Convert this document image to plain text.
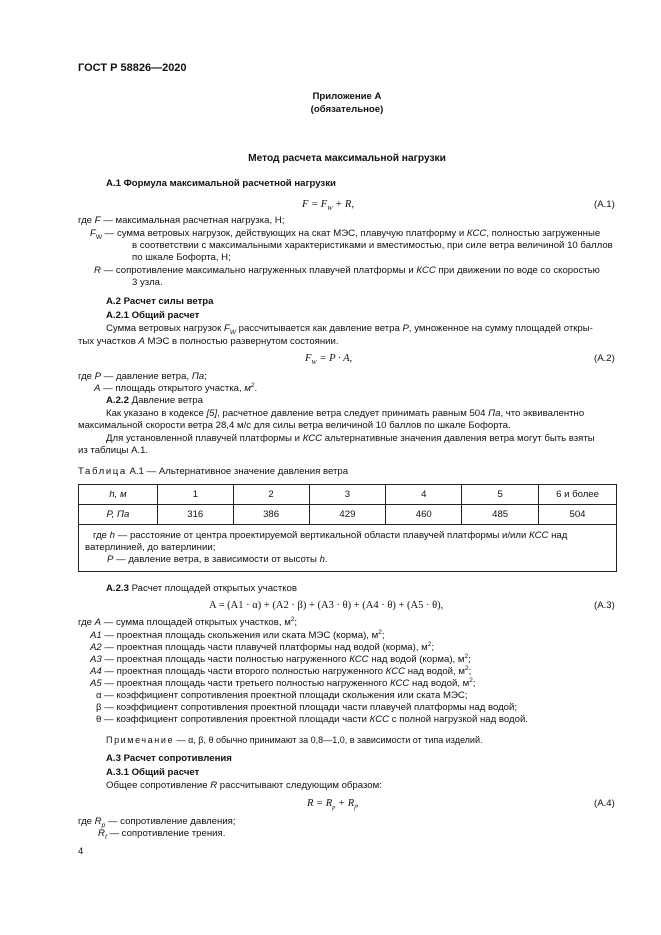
ГОСТ Р 58826—2020
Приложение А
(обязательное)
Метод расчета максимальной нагрузки
А.1 Формула максимальной расчетной нагрузки
$F = F_W + R$,	(А.1)
где F — максимальная расчетная нагрузка, Н;
$F_W$ — сумма ветровых нагрузок, действующих на скат МЭС, плавучую платформу и КСС, полностью загруженные
в соответствии с максимальными характеристиками и вместимостью, при силе ветра величиной 10 баллов
по шкале Бофорта, Н;
R — сопротивление максимально нагруженных плавучей платформы и КСС при движении по воде со скоростью
3 узла.
А.2 Расчет силы ветра
А.2.1 Общий расчет
Сумма ветровых нагрузок $F_W$ рассчитывается как давление ветра P, умноженное на сумму площадей откры-
тых участков А МЭС в полностью развернутом состоянии.
$F_W = P \cdot A$,	(А.2)
где P — давление ветра, Па;
A — площадь открытого участка, $м^2$.
А.2.2 Давление ветра
Как указано в кодексе [5], расчетное давление ветра следует принимать равным 504 Па, что эквивалентно
максимальной скорости ветра 28,4 м/с для силы ветра величиной 10 баллов по шкале Бофорта.
Для установленной плавучей платформы и КСС альтернативные значения давления ветра могут быть взяты
из таблицы А.1.
Таблица А.1 — Альтернативное значение давления ветра
h, м	1	2	3	4	5	6 и более
P, Па	316	386	429	460	485	504

где h — расстояние от центра проектируемой вертикальной области плавучей платформы и/или КСС над
ватерлинией, до ватерлинии;
P — давление ветра, в зависимости от высоты h.						
А.2.3 Расчет площадей открытых участков
A = (A1 · α) + (A2 · β) + (A3 · θ) + (A4 · θ) + (A5 · θ),	(А.3)
где A — сумма площадей открытых участков, $м^2$;
A1 — проектная площадь скольжения или ската МЭС (корма), $м^2$;
A2 — проектная площадь части плавучей платформы над водой (корма), $м^2$;
A3 — проектная площадь части полностью нагруженного КСС над водой (корма), $м^2$;
A4 — проектная площадь части второго полностью нагруженного КСС над водой, $м^2$;
A5 — проектная площадь части третьего полностью нагруженного КСС над водой, $м^2$;
α — коэффициент сопротивления проектной площади скольжения или ската МЭС;
β — коэффициент сопротивления проектной площади части плавучей платформы над водой;
θ — коэффициент сопротивления проектной площади части КСС с полной нагрузкой над водой.
Примечание — α, β, θ обычно принимают за 0,8—1,0, в зависимости от типа изделий.
А.3 Расчет сопротивления
А.3.1 Общий расчет
Общее сопротивление R рассчитывают следующим образом:
$R = R_p + R_f$,	(А.4)
где $R_p$ — сопротивление давления;
$R_f$ — сопротивление трения.
4
